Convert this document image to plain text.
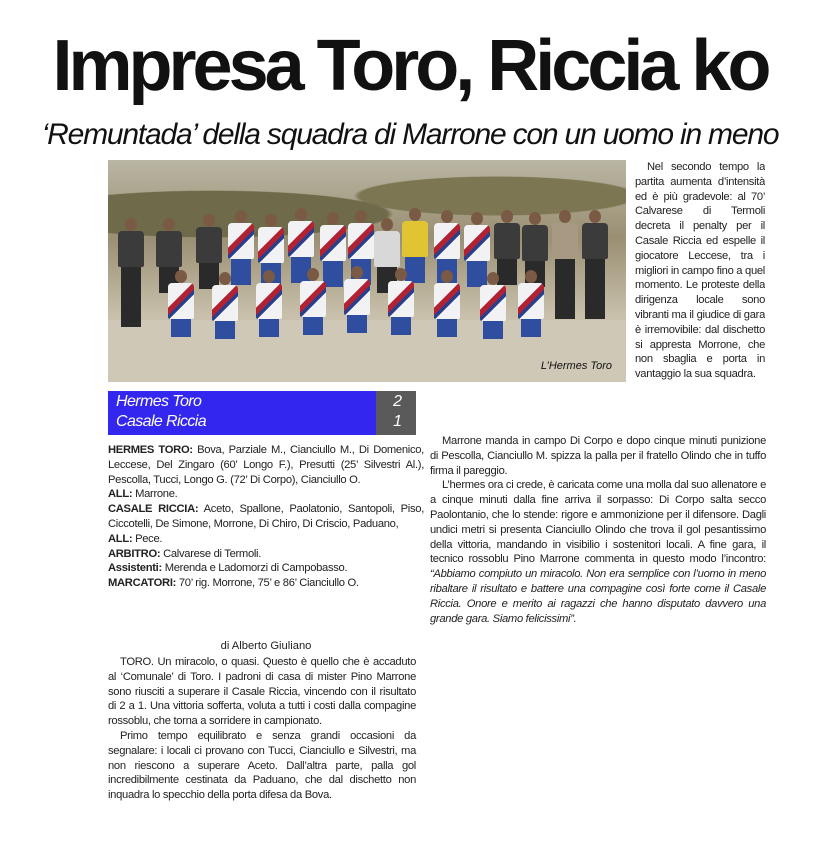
Impresa Toro, Riccia ko
‘Remuntada’ della squadra di Marrone con un uomo in meno
L’Hermes Toro
Hermes Toro
Casale Riccia
2
1

Nel secondo tempo la partita aumenta d’intensità ed è più gradevole: al 70’ Calvarese di Termoli decreta il penalty per il Casale Riccia ed espelle il giocatore Leccese, tra i migliori in campo fino a quel momento. Le proteste della dirigenza locale sono vibranti ma il giudice di gara è irremovibile: dal dischetto si appresta Morrone, che non sbaglia e porta in vantaggio la sua squadra.

Marrone manda in campo Di Corpo e dopo cinque minuti punizione di Pescolla, Cianciullo M. spizza la palla per il fratello Olindo che in tuffo firma il pareggio.

L’hermes ora ci crede, è caricata come una molla dal suo allenatore e a cinque minuti dalla fine arriva il sorpasso: Di Corpo salta secco Paolontanio, che lo stende: rigore e ammonizione per il difensore. Dagli undici metri si presenta Cianciullo Olindo che trova il gol pesantissimo della vittoria, mandando in visibilio i sostenitori locali. A fine gara, il tecnico rossoblu Pino Marrone commenta in questo modo l’incontro: “Abbiamo compiuto un miracolo. Non era semplice con l’uomo in meno ribaltare il risultato e battere una compagine così forte come il Casale Riccia. Onore e merito ai ragazzi che hanno disputato davvero una grande gara. Siamo felicissimi”.

HERMES TORO: Bova, Parziale M., Cianciullo M., Di Domenico, Leccese, Del Zingaro (60’ Longo F.), Presutti (25’ Silvestri Al.), Pescolla, Tucci, Longo G. (72’ Di Corpo), Cianciullo O.

ALL: Marrone.

CASALE RICCIA: Aceto, Spallone, Paolatonio, Santopoli, Piso, Ciccotelli, De Simone, Morrone, Di Chiro, Di Criscio, Paduano,

ALL: Pece.

ARBITRO: Calvarese di Termoli.

Assistenti: Merenda e Ladomorzi di Campobasso.

MARCATORI: 70’ rig. Morrone, 75’ e 86’ Cianciullo O.

di Alberto Giuliano

TORO. Un miracolo, o quasi. Questo è quello che è accaduto al ‘Comunale’ di Toro. I padroni di casa di mister Pino Marrone sono riusciti a superare il Casale Riccia, vincendo con il risultato di 2 a 1. Una vittoria sofferta, voluta a tutti i costi dalla compagine rossoblu, che torna a sorridere in campionato.

Primo tempo equilibrato e senza grandi occasioni da segnalare: i locali ci provano con Tucci, Cianciullo e Silvestri, ma non riescono a superare Aceto. Dall’altra parte, palla gol incredibilmente cestinata da Paduano, che dal dischetto non inquadra lo specchio della porta difesa da Bova.
